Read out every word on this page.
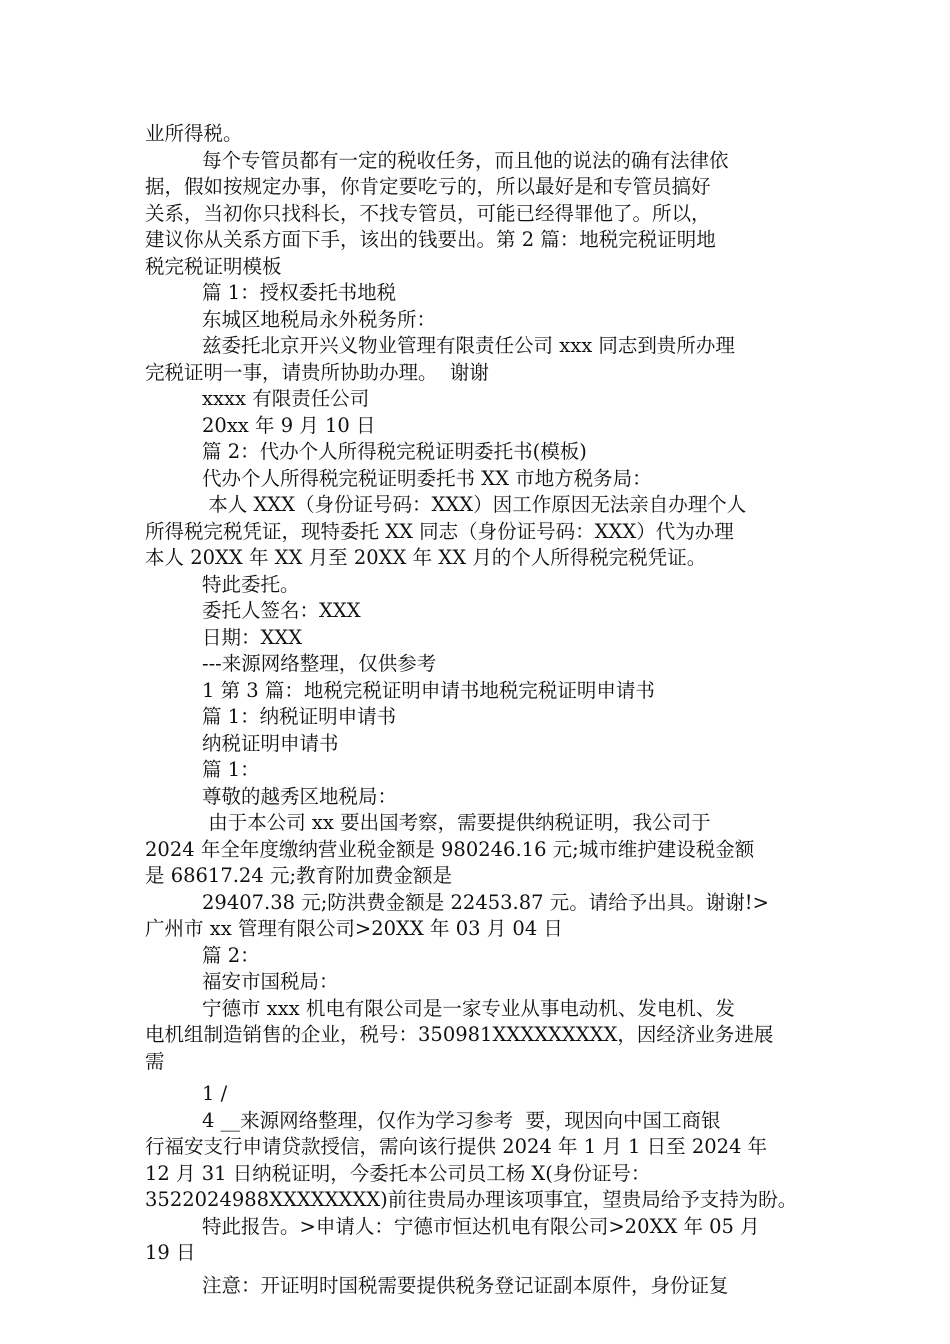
业所得税。
每个专管员都有一定的税收任务，而且他的说法的确有法律依
据，假如按规定办事，你肯定要吃亏的，所以最好是和专管员搞好
关系，当初你只找科长，不找专管员，可能已经得罪他了。所以，
建议你从关系方面下手，该出的钱要出。第 2 篇：地税完税证明地
税完税证明模板
篇 1：授权委托书地税
东城区地税局永外税务所：
兹委托北京开兴义物业管理有限责任公司 xxx 同志到贵所办理
完税证明一事，请贵所协助办理。  谢谢
xxxx 有限责任公司
20xx 年 9 月 10 日
篇 2：代办个人所得税完税证明委托书(模板)
代办个人所得税完税证明委托书 XX 市地方税务局：
本人 XXX（身份证号码：XXX）因工作原因无法亲自办理个人
所得税完税凭证，现特委托 XX 同志（身份证号码：XXX）代为办理
本人 20XX 年 XX 月至 20XX 年 XX 月的个人所得税完税凭证。
特此委托。
委托人签名：XXX
日期：XXX
---来源网络整理，仅供参考
1 第 3 篇：地税完税证明申请书地税完税证明申请书
篇 1：纳税证明申请书
纳税证明申请书
篇 1：
尊敬的越秀区地税局：
由于本公司 xx 要出国考察，需要提供纳税证明，我公司于
2024 年全年度缴纳营业税金额是 980246.16 元;城市维护建设税金额
是 68617.24 元;教育附加费金额是
29407.38 元;防洪费金额是 22453.87 元。请给予出具。谢谢!>
广州市 xx 管理有限公司>20XX 年 03 月 04 日
篇 2：
福安市国税局：
宁德市 xxx 机电有限公司是一家专业从事电动机、发电机、发
电机组制造销售的企业，税号：350981XXXXXXXXX，因经济业务进展
需
1 /
4 __来源网络整理，仅作为学习参考  要，现因向中国工商银
行福安支行申请贷款授信，需向该行提供 2024 年 1 月 1 日至 2024 年
12 月 31 日纳税证明，今委托本公司员工杨 X(身份证号：
3522024988XXXXXXXX)前往贵局办理该项事宜，望贵局给予支持为盼。
特此报告。>申请人：宁德市恒达机电有限公司>20XX 年 05 月
19 日
注意：开证明时国税需要提供税务登记证副本原件，身份证复
